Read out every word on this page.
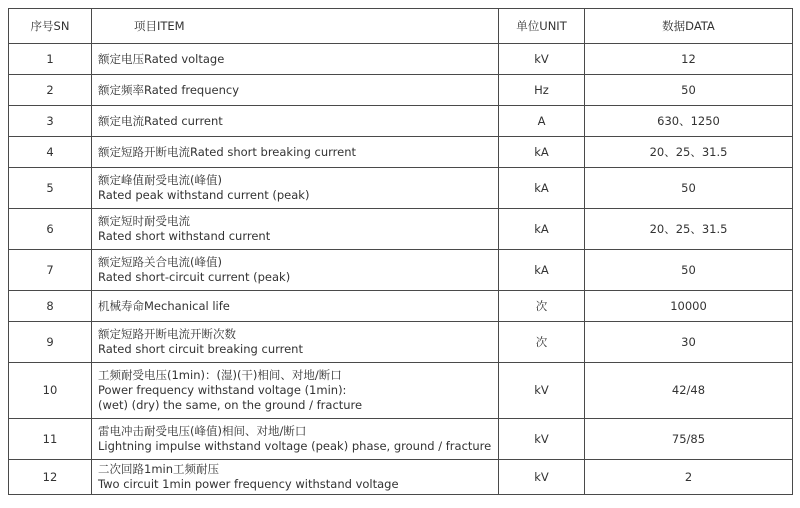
序号SN	项目ITEM	单位UNIT	数据DATA
1	额定电压Rated voltage	kV	12
2	额定频率Rated frequency	Hz	50
3	额定电流Rated current	A	630、1250
4	额定短路开断电流Rated short breaking current	kA	20、25、31.5
5	额定峰值耐受电流(峰值)
Rated peak withstand current (peak)	kA	50
6	额定短时耐受电流
Rated short withstand current	kA	20、25、31.5
7	额定短路关合电流(峰值)
Rated short-circuit current (peak)	kA	50
8	机械寿命Mechanical life	次	10000
9	额定短路开断电流开断次数
Rated short circuit breaking current	次	30
10	工频耐受电压(1min)：(湿)(干)相间、对地/断口
Power frequency withstand voltage (1min):
(wet) (dry) the same, on the ground / fracture	kV	42/48
11	雷电冲击耐受电压(峰值)相间、对地/断口
Lightning impulse withstand voltage (peak) phase, ground / fracture	kV	75/85
12	二次回路1min工频耐压
Two circuit 1min power frequency withstand voltage	kV	2
